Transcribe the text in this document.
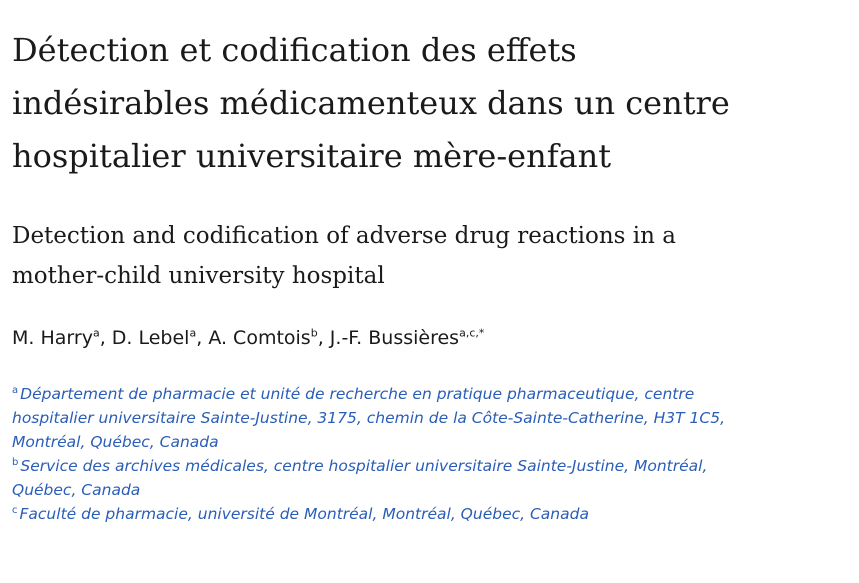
Détection et codification des effets
indésirables médicamenteux dans un centre
hospitalier universitaire mère-enfant
Detection and codification of adverse drug reactions in a
mother-child university hospital

M. Harry$^a$, D. Lebel$^a$, A. Comtois$^b$, J.-F. Bussières$^{a,c,*}$

$^a$ Département de pharmacie et unité de recherche en pratique pharmaceutique, centre
hospitalier universitaire Sainte-Justine, 3175, chemin de la Côte-Sainte-Catherine, H3T 1C5,
Montréal, Québec, Canada
$^b$ Service des archives médicales, centre hospitalier universitaire Sainte-Justine, Montréal,
Québec, Canada
$^c$ Faculté de pharmacie, université de Montréal, Montréal, Québec, Canada
